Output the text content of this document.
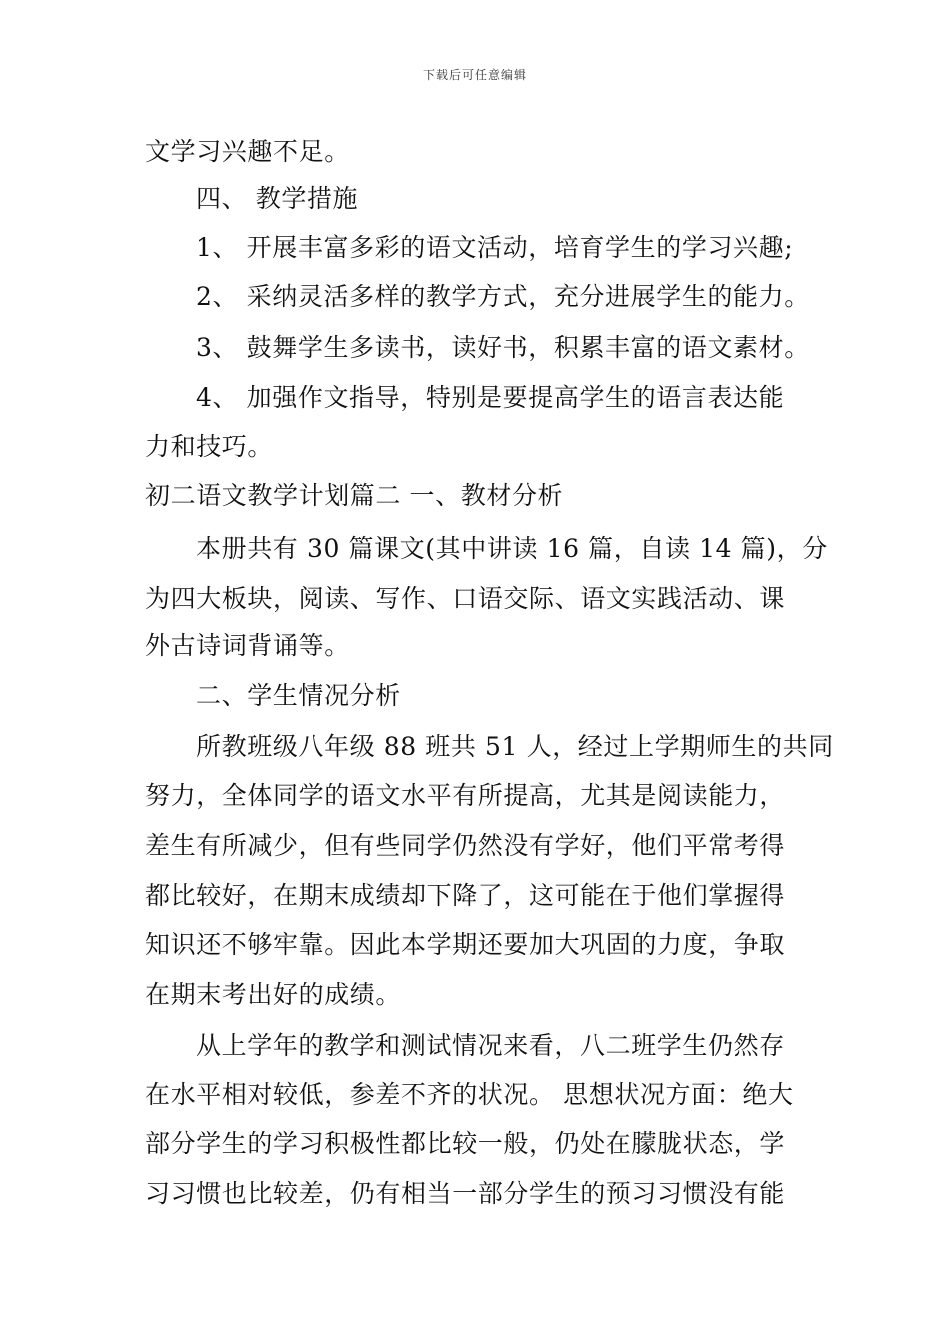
下载后可任意编辑
文学习兴趣不足。
四、 教学措施
1、 开展丰富多彩的语文活动，培育学生的学习兴趣;
2、 采纳灵活多样的教学方式，充分进展学生的能力。
3、 鼓舞学生多读书，读好书，积累丰富的语文素材。
4、 加强作文指导，特别是要提高学生的语言表达能
力和技巧。
初二语文教学计划篇二 一、教材分析
本册共有 30 篇课文(其中讲读 16 篇，自读 14 篇)，分
为四大板块，阅读、写作、口语交际、语文实践活动、课
外古诗词背诵等。
二、学生情况分析
所教班级八年级 88 班共 51 人，经过上学期师生的共同
努力，全体同学的语文水平有所提高，尤其是阅读能力，
差生有所减少，但有些同学仍然没有学好，他们平常考得
都比较好，在期末成绩却下降了，这可能在于他们掌握得
知识还不够牢靠。因此本学期还要加大巩固的力度，争取
在期末考出好的成绩。
从上学年的教学和测试情况来看，八二班学生仍然存
在水平相对较低，参差不齐的状况。 思想状况方面：绝大
部分学生的学习积极性都比较一般，仍处在朦胧状态，学
习习惯也比较差，仍有相当一部分学生的预习习惯没有能
